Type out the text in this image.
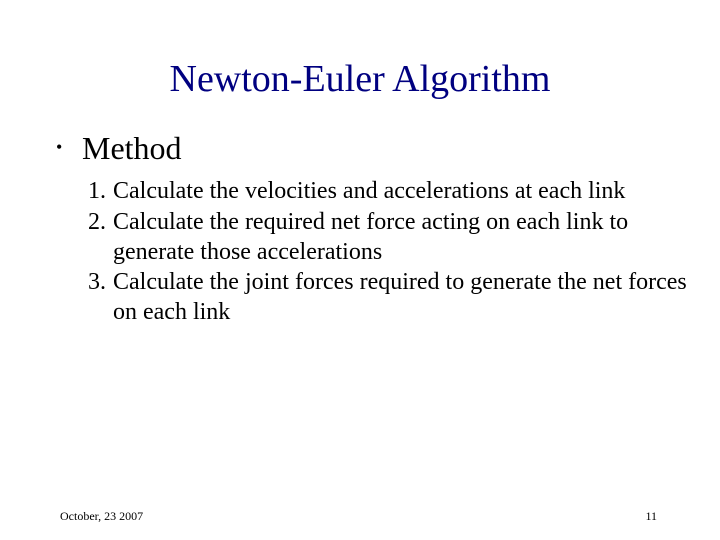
Newton-Euler Algorithm
• Method
1. Calculate the velocities and accelerations at each link
2. Calculate the required net force acting on each link to generate those accelerations
3. Calculate the joint forces required to generate the net forces on each link
October, 23 2007	11
